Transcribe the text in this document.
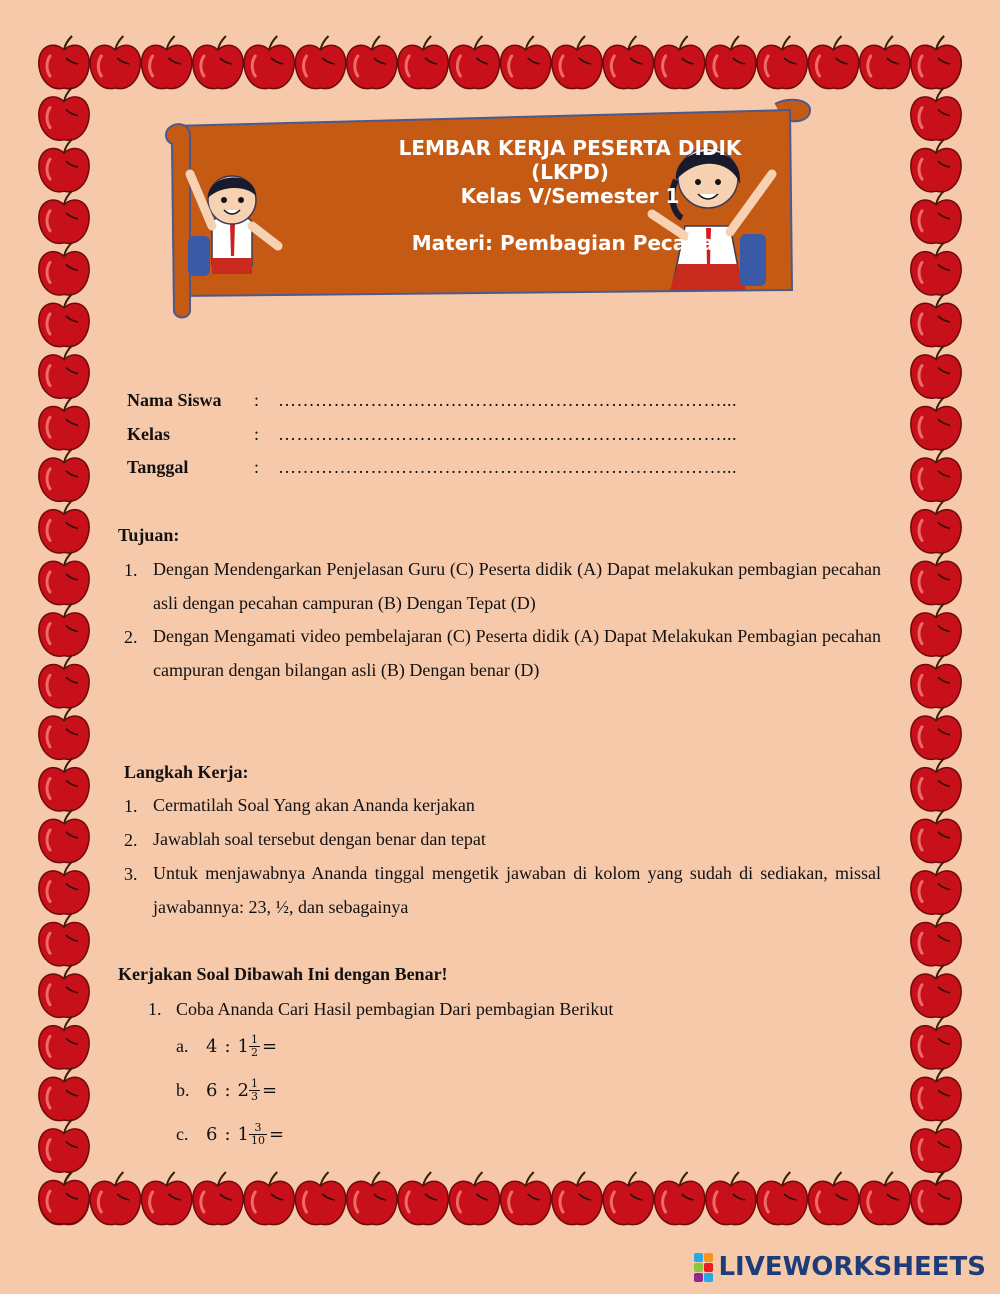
LEMBAR KERJA PESERTA DIDIK (LKPD)
Kelas V/Semester 1
Materi: Pembagian Pecahan
Nama Siswa : ………………………………………………………………...
Kelas	: ………………………………………………………………...
Tanggal	: ………………………………………………………………...
Tujuan:
1. Dengan Mendengarkan Penjelasan Guru (C) Peserta didik (A) Dapat melakukan pembagian pecahan asli dengan pecahan campuran (B) Dengan Tepat (D)
2. Dengan Mengamati video pembelajaran (C) Peserta didik (A) Dapat Melakukan Pembagian pecahan campuran dengan bilangan asli (B) Dengan benar (D)
Langkah Kerja:
1. Cermatilah Soal Yang akan Ananda kerjakan
2. Jawablah soal tersebut dengan benar dan tepat
3. Untuk menjawabnya Ananda tinggal mengetik jawaban di kolom yang sudah di sediakan, missal jawabannya: 23, ½, dan sebagainya
Kerjakan Soal Dibawah Ini dengan Benar!
1. Coba Ananda Cari Hasil pembagian Dari pembagian Berikut
a. 4 : $1 \frac{1}{2}$ =
b. 6 : $2 \frac{1}{3}$ =
c. 6 : $1 \frac{3}{10}$ =
LIVEWORKSHEETS
